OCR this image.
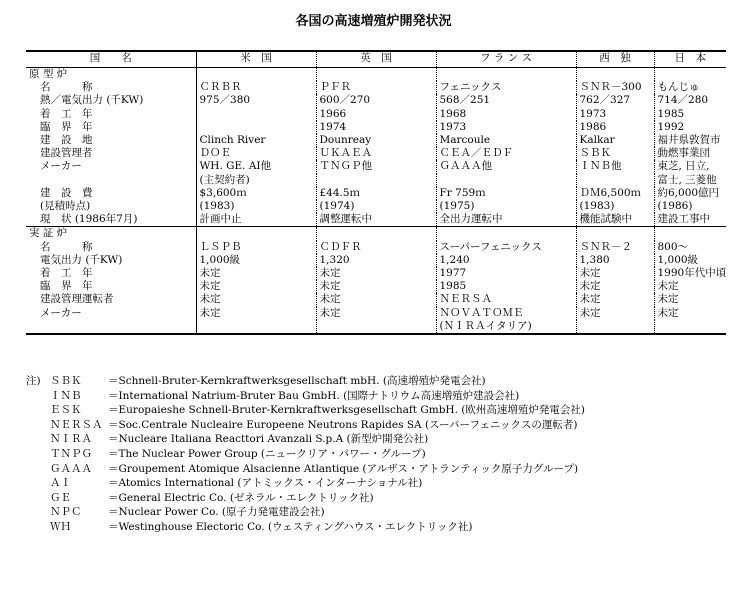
各国の高速増殖炉開発状況
国　　名	米　国	英　国	フ ラ ン ス	西　独	日　本
原 型 炉					
名　　　称	ＣＲＢＲ	ＰＦＲ	フェニックス	ＳＮＲ－300	もんじゅ
熱／電気出力 (千KW)	975／380	600／270	568／251	762／327	714／280
着　工　年		1966	1968	1973	1985
臨　界　年		1974	1973	1986	1992
建　設　地	Clinch River	Dounreay	Marcoule	Kalkar	福井県敦賀市
建設管理者	ＤＯＥ	ＵＫＡＥＡ	ＣＥＡ／ＥＤＦ	ＳＢＫ	動燃事業団
メーカー	WH. GE. AI他	ＴＮＧＰ他	ＧＡＡＡ他	ＩＮＢ他	東芝, 日立,
	(主契約者)				富士, 三菱他
建　設　費	$3,600ｍ	£44.5ｍ	Fr 759ｍ	ＤＭ6,500ｍ	約6,000億円
(見積時点)	(1983)	(1974)	(1975)	(1983)	(1986)
現　状 (1986年7月)	計画中止	調整運転中	全出力運転中	機能試験中	建設工事中
実 証 炉					
名　　　称	ＬＳＰＢ	ＣＤＦＲ	スーパーフェニックス	ＳＮＲ－２	800～
電気出力 (千KW)	1,000級	1,320	1,240	1,380	1,000級
着　工　年	未定	未定	1977	未定	1990年代中頃
臨　界　年	未定	未定	1985	未定	未定
建設管理運転者	未定	未定	ＮＥＲＳＡ	未定	未定
メーカー	未定	未定	ＮＯＶＡＴＯＭＥ	未定	未定
			(ＮＩＲＡイタリア)		
注) ＳＢＫ	＝Schnell-Bruter-Kernkraftwerksgesellschaft mbH. (高速増殖炉発電会社)
ＩＮＢ	＝International Natrium-Bruter Bau GmbH. (国際ナトリウム高速増殖炉建設会社)
ＥＳＫ	＝Europaieshe Schnell-Bruter-Kernkraftwerksgesellschaft GmbH. (欧州高速増殖炉発電会社)
ＮＥＲＳＡ ＝Soc.Centrale Nucleaire Europeene Neutrons Rapides SA (スーパーフェニックスの運転者)
ＮＩＲＡ	＝Nucleare Italiana Reacttori Avanzali S.p.A (新型炉開発公社)
ＴＮＰＧ	＝The Nuclear Power Group (ニュークリア・パワー・グループ)
ＧＡＡＡ	＝Groupement Atomique Alsacienne Atlantique (アルザス・アトランティック原子力グループ)
ＡＩ	＝Atomics International (アトミックス・インターナショナル社)
ＧＥ	＝General Electric Co. (ゼネラル・エレクトリック社)
ＮＰＣ	＝Nuclear Power Co. (原子力発電建設会社)
ＷＨ	＝Westinghouse Electoric Co. (ウェスティングハウス・エレクトリック社)
